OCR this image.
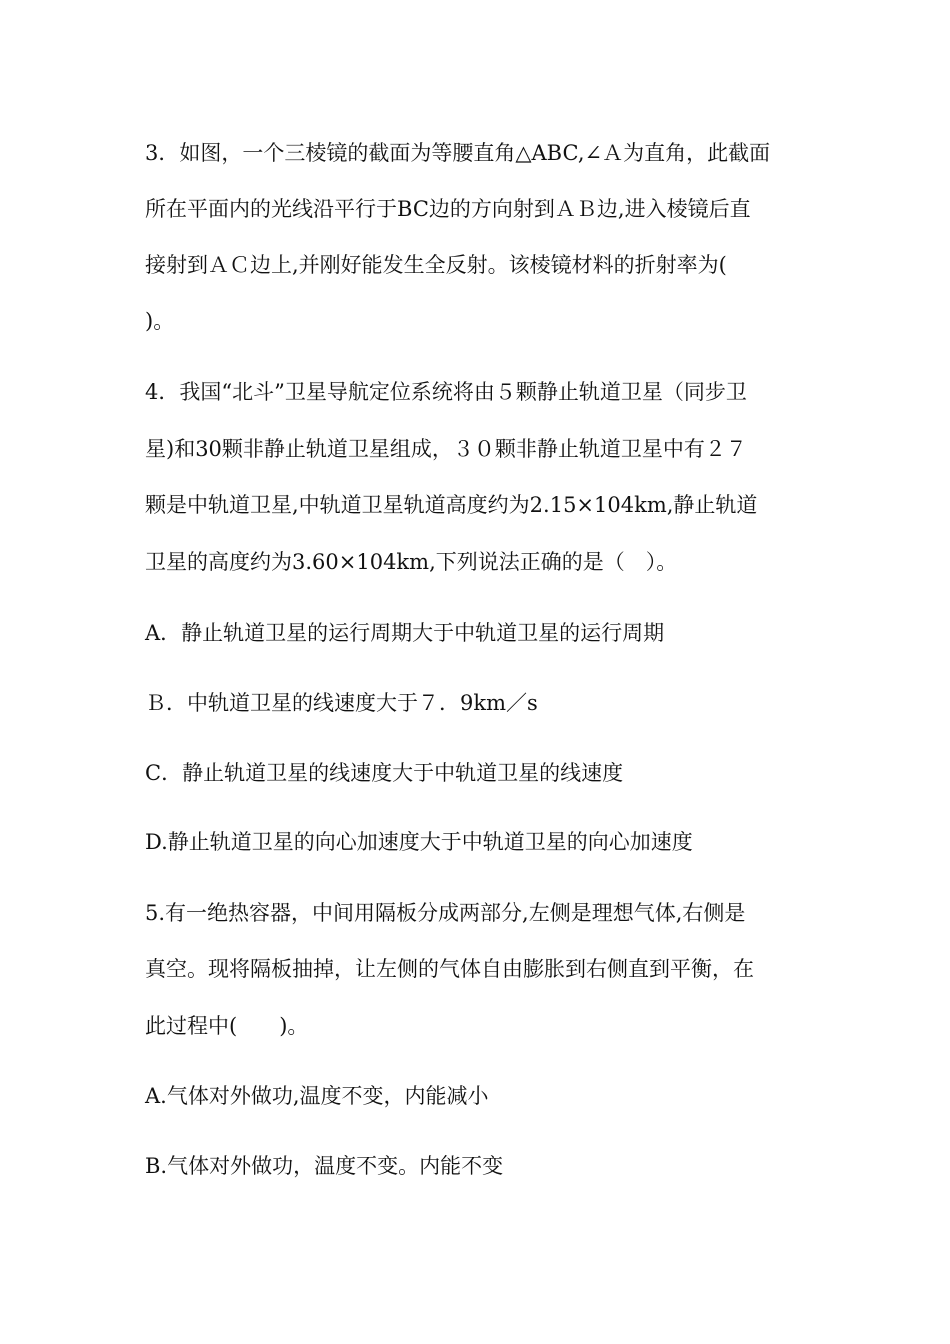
3．如图，一个三棱镜的截面为等腰直角△ABC,∠Ａ为直角，此截面
所在平面内的光线沿平行于BC边的方向射到ＡＢ边,进入棱镜后直
接射到ＡＣ边上,并刚好能发生全反射。该棱镜材料的折射率为(
)。
4．我国“北斗”卫星导航定位系统将由５颗静止轨道卫星（同步卫
星)和30颗非静止轨道卫星组成，３０颗非静止轨道卫星中有２７
颗是中轨道卫星,中轨道卫星轨道高度约为2.15×104km,静止轨道
卫星的高度约为3.60×104km,下列说法正确的是（　）。
A．静止轨道卫星的运行周期大于中轨道卫星的运行周期
Ｂ．中轨道卫星的线速度大于７．9km／s
C．静止轨道卫星的线速度大于中轨道卫星的线速度
D.静止轨道卫星的向心加速度大于中轨道卫星的向心加速度
5.有一绝热容器，中间用隔板分成两部分,左侧是理想气体,右侧是
真空。现将隔板抽掉，让左侧的气体自由膨胀到右侧直到平衡，在
此过程中(　　)。
A.气体对外做功,温度不变，内能减小
B.气体对外做功，温度不变。内能不变
